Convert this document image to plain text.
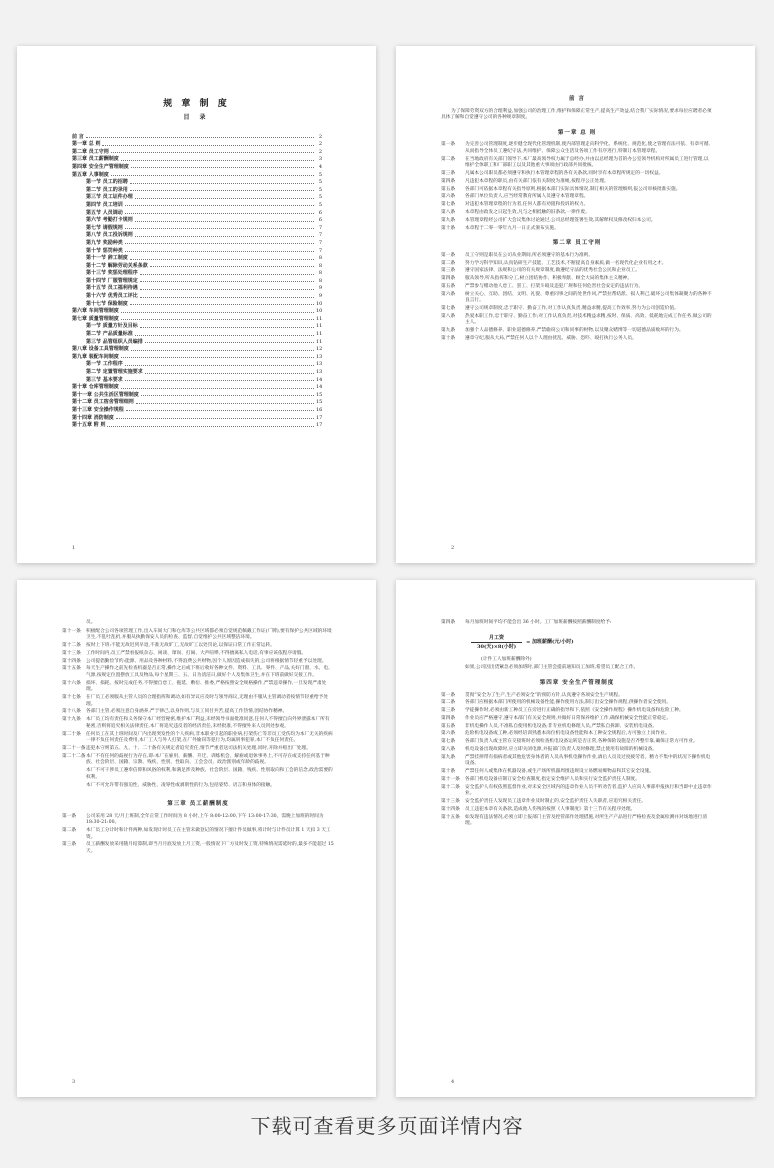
规 章 制 度
目 录
前 言	2
第一章 总 则	2
第二章 员工守则	2
第三章 员工薪酬制度	3
第四章 安全生产管理制度	4
第五章 人事制度	5
第一节 员工的招聘	5
第二节 员工的录用	5
第三节 员工证件办理	5
第四节 员工培训	5
第五节 人员调动	6
第六节 考勤打卡规则	6
第七节 请假规则	7
第八节 员工投诉规则	7
第九节 奖励种类	7
第十节 惩罚种类	7
第十一节 辞工制度	8
第十二节 解除劳动关系条款	8
第十三节 奖惩处理程序	8
第十四节 厂服管理规定	8
第十五节 员工福利待遇	9
第十六节 优秀员工评比	9
第十七节 保险制度	10
第六章 车间管理制度	10
第七章 质量管理制度	11
第一节 质量方针及目标	11
第二节 产品质量标准	11
第三节 品管组织人员编排	11
第八章 设备工具管理制度	12
第九章 装配车间制度	13
第一节 工作程序	13
第二节 定置管理实施要求	13
第三节 基本要求	14
第十章 仓库管理制度	14
第十一章 公共生活区管理制度	15
第十二章 员工宿舍管理细则	15
第十三章 安全操作规程	16
第十四章 消防制度	17
第十五章 附 则	17
1
前 言
为了保障劳资双方的合理利益,加强公司的治理工作,维护和保障正常生产,提高生产效益,结合我厂实际情况,要求每位应聘者必须具体了解和自觉遵守公司的各种规章制度。
第一章 总 则
第一条	为完善公司管理制度,逐步健全现代化管理机制,使内部管理走向科学化、系统化、规范化,使之管理有法可依、有章可循,从而指导全体员工遵纪守法,共同维护、保障公众生活及各项工作有序进行,特制订本管理章程。
第二条	在当地政府有关部门领导下,本厂最高领导权力属于总经办,并由以总经理为首的办公室领导机构对所属员工进行管理,以维护全体职工和厂部职工以及其他重大事项由行政部共同批核。
第三条	凡属本公司职员都必须遵守和执行本管理章程的各有关条款,同时享有本章程所规定的一切权益。
第四条	凡违犯本章程的职员,由有关部门依有关制度为准绳,按程序公正处理。
第五条	各部门可依据本章程有关指导原则,根据本部门实际具体情况,制订相关的管理细则,报公司审核批准实施。
第六条	各部门单位负责人,应当经常教育所属人员遵守本管理章程。
第七条	对违犯本管理章程的行为者,任何人都有劝阻和投诉的权力。
第八条	本章程由政发之日起生效,凡与之相抵触的旧条款,一律作废。
第九条	本管理章程经公司扩大会议集体讨论通过,公司总经理签署生效,其解释权及修改权归本公司。
第十条	本章程于二零一零年九月一日正式颁布实施。
第二章 员工守则
第一条	员工守则是职员在公司从业期间,所必须遵守的基本行为准则。
第二条	努力学习科学知识,认真钻研生产技能、工艺技术,不断提高自身素质,做一名现代化企业有用之才。
第三条	遵守国家法律、法规和公司的有关规章制度,做遵纪守法的优秀社会公民和企业员工。
第四条	服从领导,听从指挥和分工,树立团结协作、积极奉献、顾全大局的集体主义精神。
第五条	严禁参与赌动他人怠工、罢工、打架斗殴及违犯厂规和任何危害社会安定的违法行为。
第六条	树立关心、互助、团结、文明、礼貌、尊重同事之间的处世作风,严禁拉帮结派、损人利己,破坏公司集体凝聚力的各种不良言行。
第七条	遵守公司规章制度,忠于职守、勤奋工作,对工作认真负责,精益求精,提高工作效率,努力为公司创造价值。
第八条	热爱本职工作,忠于职守、勤奋工作;对工作认真负责,对技术精益求精,按时、保质、高效、低耗地完成工作任务,做公司的主人。
第九条	加强个人品德修养、职业道德修养,严禁偷窃公司和同事的财物,以及聚众赌博等一切道德品质败坏的行为。
第十条	遵章守纪,服从大局,严禁任何人以个人理由扰乱、威胁、恐吓、殴打执行公务人员。
2
员。
第十一条	积极配合公司各项管理工作,出入车间大门和仓库等公共区域都必须自觉规范佩戴工作证(厂牌),要有保护公共区域的环境卫生,不乱吐乱扔,并服从执勤保安人员的检查、监督,自觉维护公共区域整洁环境。
第十二条	按时上下班:不能无故迟到早退,不准无故旷工,无故旷工以处罚论,以保证日常工作正常运转。
第十三条	工作时间内,员工严禁看报纸杂志、闲谈、窜岗、打闹、大声喧哗,不得擅离私人电话,有事应该依程序请假。
第十四条	公司提倡勤俭节约:能源、用品及各种材料,不得浪费公共财物,因个人原因造成损失的,公司将根据情节轻重予以处理。
第十五条	每天生产操作之前先检查机器是否正常,操作之后或下班后收好各种文件、资料、工具、零件、产品,关好门窗、水、电、气源,按规定位置摆放工具及物品,每个星期三、五、日为清洁日,做好个人及集体卫生,并在下班前做好交接工作。
第十六条	损坏、损耗、按时完成任务,不得擅自怠工、拖延、敷衍、推委,严格按照安全规格操作,严禁违章操作,一旦发现严肃处理。
第十七条	在厂员工必须服从主管人员的合理指挥和调动,如有异议应及时与领导商议,无理由不服从主管调动者按情节轻重给予处理。
第十八条	各部门主管,必须注意自身涵养,严于律己,以身作则,与员工同甘共苦,提高工作热情,团结协作精神。
第十九条	本厂员工均有责任和义务保守本厂经营秘密,维护本厂利益,未经领导书面批准同意,任何人不得擅自向外界泄露本厂所有秘密,否则将追究相关法律责任,本厂将追究违反者的经济责任,未经批准,不得擅外来人员到处参观。
第二十条	任何员工在其上班时间及厂内出现突发性的个人疾病,非本职业引起的职业病,打架伤亡等非员工受伤均为本厂无关的疾病一律不负任何责任及费用,本厂工人与外人打架,在厂外偷窃等犯行为,均属刑事犯罪,本厂不负任何责任。
第二十一条 违犯本守则第五、九、十、二十条有关规定者追究责任,情节严重者送司法机关处理,同时,开除并赔出厂处理。
第二十二条 本厂不有任何的歧视行为存在,即:本厂在雇用、薪酬、升迁、训练机会、解雇或退休事务上,不可存在或支持任何基于种族、社会阶层、国籍、宗教、残疾、性别、性取向、工会会员、政治派别或年龄的歧视。
本厂不可干涉员工遵奉信仰和风俗的权利,和满足涉及种族、社会阶层、国籍、残疾、性别取向和工会的信念,政治需要的权利。
本厂不可允许带有强迫性、威胁性、凌辱性或剥削性的行为,包括姿势、语言和身体的接触。
第三章 员工薪酬制度
第一条	公司采用 28 天/月上班制,全年正常工作时间为 8 小时,上午 8:00-12:00,下午 13:00-17:30。需晚上加班的时间为 18:30-21:00。
第二条	本厂员工分计时和计件两种,如发现计时员工在主管未做登记的情况下擅计件员做事,将计时与计件员计算 1 天扣 3 天工资。
第三条	员工薪酬发放采用随月结算制,即当月月底发放上月工资,一般情况下厂方及时发工资,特殊情况需延时的,最多不能超过 15 天。
3
第四条	每月加班时间平均不能会出 36 小时。工厂加班薪酬按照薪酬制度给予:
$\frac{\text{月工资}}{\text{30(天)×8(小时)}}$ = 加班薪酬(元/小时)
(计件工人加班薪酬除外)
如果,公司因出货紧急必须加班时,部门主管会提前通知员工加班,希望员工配合工作。
第四章 安全生产管理制度
第一条	贯彻“安全为了生产,生产必须安全”的预防方针,认真遵守各项安全生产规程。
第二条	各部门应根据本部门所使用的机械设备性能,操作使用方法,制订出安全操作规程,供操作者安全使用。
第三条	学徒操作时,必须由新工种员工在旁进行正确的指导和下,依照《安全操作规程》操作机电设备和危险工种。
第四条	作业员应严格遵守,遵守本部门有关安全规则,并做好日常保养维护工作,确保机械安全性能正常稳定。
第五条	非机电操作人员,不准私自使用机电设备;非专业机电修理人员,严禁私自拆卸、安装机电设备。
第六条	危险机电设备或工种,必须经培训熟悉本岗位机电设备性能和本工种安全规程后,方可独立上岗作业。
第七条	各部门负责人或主管在交接班时必须检查机电设备运转是否正常,各种保险设施是否齐整牢靠,确保正常方可作业。
第八条	机电设备出现故障时,应立即关闭电源,并报部门负责人及时修理,禁止使用有故障的机械设备。
第九条	严禁挂摔带有损病者或其他危害身体者的人员从事机电操作作业,酒后人员及过度疲劳者。精力不集中的状况下操作机电设备。
第十条	严禁任何人或集体在机器设备,或生产场所机器周围违规设立易燃易爆物品和其它安全设施。
第十一条	各部门机电设备应制订安全检查制度,指定安全维护人员和实行安全监护责任人制度。
第十二条	安全监护人有权依照监督作业,对未安全区域内的违章作业人员不听劝告者,监护人应向人事部申报执行和当即中止违章作业。
第十三条	安全监护责任人发现员工违章作业及时制止的,安全监护责任人失职者,应追究相关责任。
第十四条	员工违犯本章有关条款,造成他人伤残的按照《人事制度》第十三节有关程序处理。
第十五条	如发现有违法情况,必须立即上报部门主管及控管部作处理措施,对所生产产品进行严格检查及金属检测并对场地进行清理。
4
下载可查看更多页面详情内容
